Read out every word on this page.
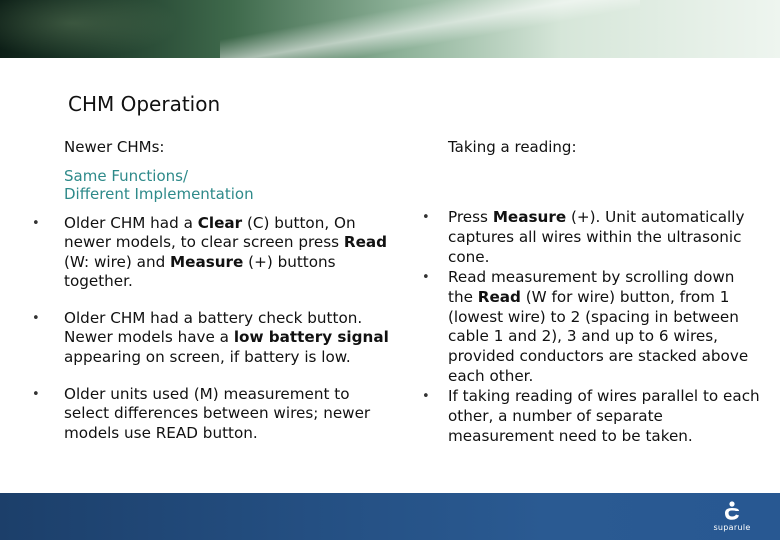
CHM Operation
Newer CHMs:	Taking a reading:
Same Functions/
Different Implementation
• Older CHM had a Clear (C) button, On newer models, to clear screen press Read (W: wire) and Measure (+) buttons together.
• Older CHM had a battery check button. Newer models have a low battery signal appearing on screen, if battery is low.
• Older units used (M) measurement to select differences between wires; newer models use READ button.
• Press Measure (+). Unit automatically captures all wires within the ultrasonic cone.
• Read measurement by scrolling down the Read (W for wire) button, from 1 (lowest wire) to 2 (spacing in between cable 1 and 2), 3 and up to 6 wires, provided conductors are stacked above each other.
• If taking reading of wires parallel to each other, a number of separate measurement need to be taken.
suparule
